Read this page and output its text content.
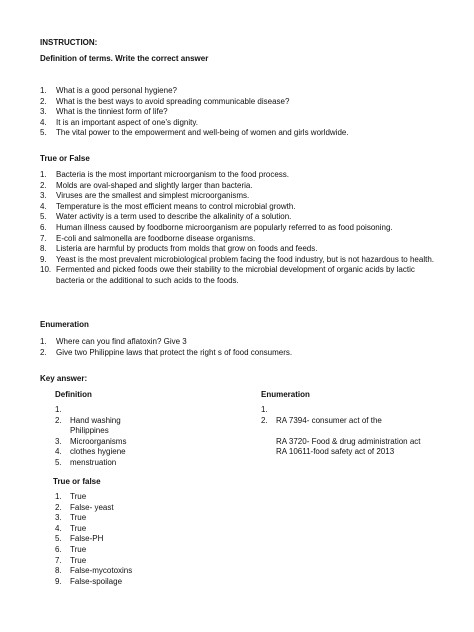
INSTRUCTION:
Definition of terms. Write the correct answer
1. What is a good personal hygiene?
2. What is the best ways to avoid spreading communicable disease?
3. What is the tinniest form of life?
4. It is an important aspect of one’s dignity.
5. The vital power to the empowerment and well-being of women and girls worldwide.
True or False
1. Bacteria is the most important microorganism to the food process.
2. Molds are oval-shaped and slightly larger than bacteria.
3. Viruses are the smallest and simplest microorganisms.
4. Temperature is the most efficient means to control microbial growth.
5. Water activity is a term used to describe the alkalinity of a solution.
6. Human illness caused by foodborne microorganism are popularly referred to as food poisoning.
7. E-coli and salmonella are foodborne disease organisms.
8. Listeria are harmful by products from molds that grow on foods and feeds.
9. Yeast is the most prevalent microbiological problem facing the food industry, but is not hazardous to health.
10. Fermented and picked foods owe their stability to the microbial development of organic acids by lactic bacteria or the additional to such acids to the foods.
Enumeration
1. Where can you find aflatoxin? Give 3
2. Give two Philippine laws that protect the right s of food consumers.
Key answer:
Definition
1.

2. Hand washing
Philippines
3. Microorganisms
4. clothes hygiene
5. menstruation
Enumeration
1.

2. RA 7394- consumer act of the

RA 3720- Food & drug administration act
RA 10611-food safety act of 2013
True or false
1. True
2. False- yeast
3. True
4. True
5. False-PH
6. True
7. True
8. False-mycotoxins
9. False-spoilage
